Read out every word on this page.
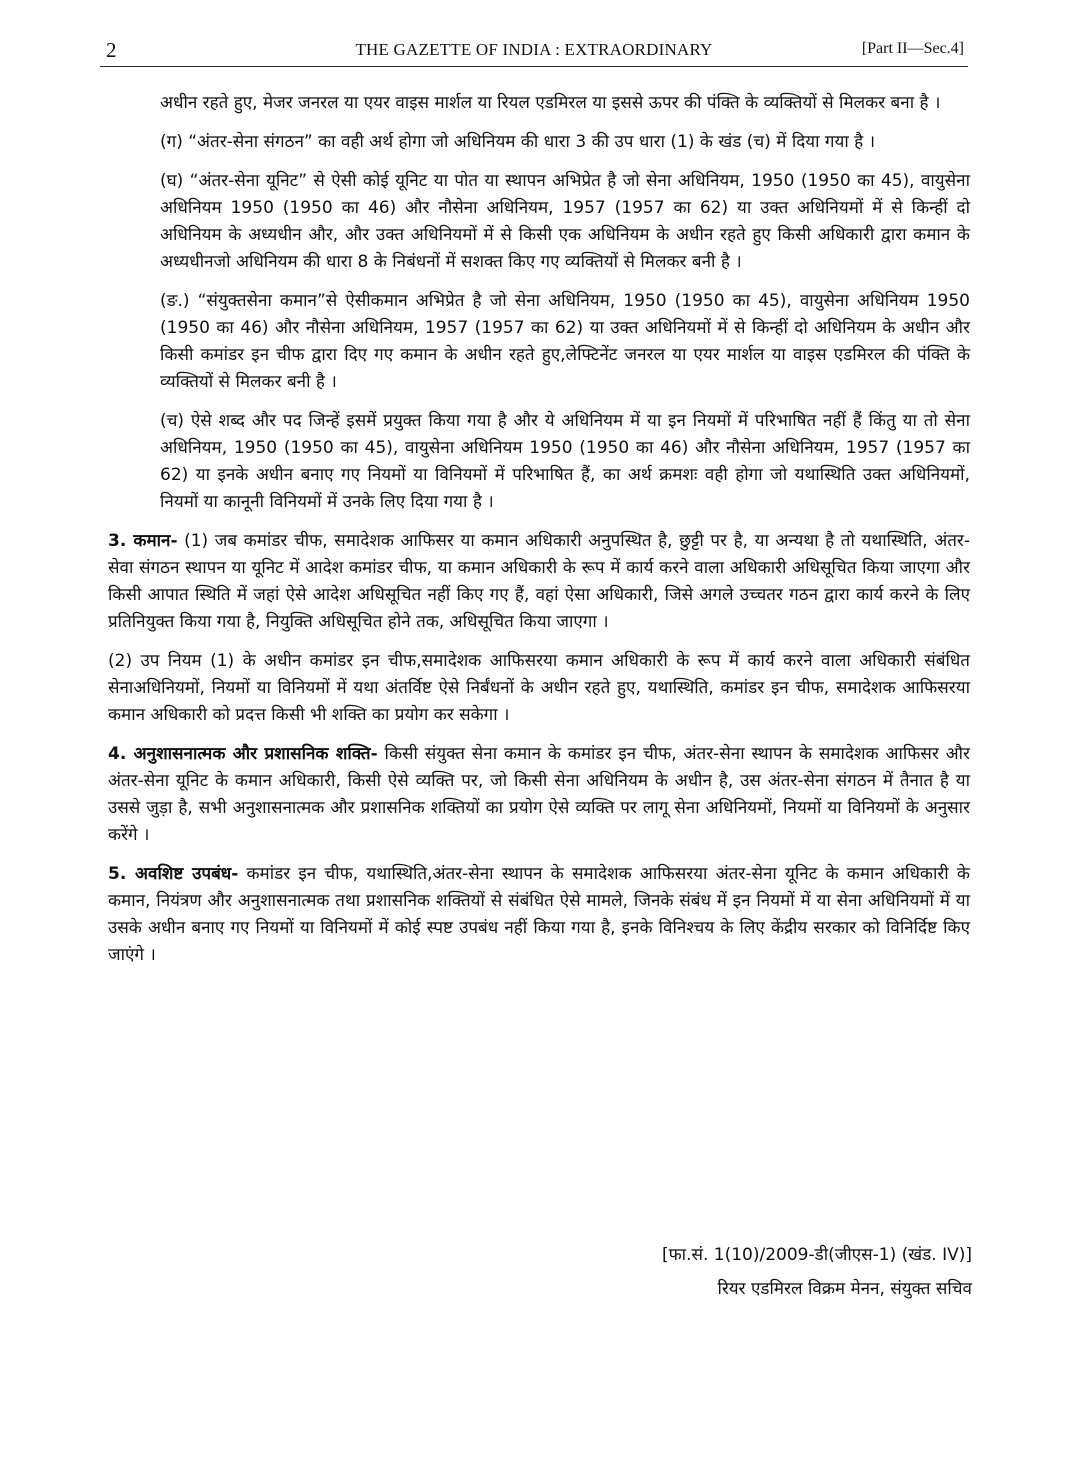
2	THE GAZETTE OF INDIA : EXTRAORDINARY	[Part II—Sec.4]

अधीन रहते हुए, मेजर जनरल या एयर वाइस मार्शल या रियल एडमिरल या इससे ऊपर की पंक्ति के व्यक्तियों से मिलकर बना है ।

(ग) “अंतर-सेना संगठन” का वही अर्थ होगा जो अधिनियम की धारा 3 की उप धारा (1) के खंड (च) में दिया गया है ।

(घ) “अंतर-सेना यूनिट” से ऐसी कोई यूनिट या पोत या स्थापन अभिप्रेत है जो सेना अधिनियम, 1950 (1950 का 45), वायुसेना अधिनियम 1950 (1950 का 46) और नौसेना अधिनियम, 1957 (1957 का 62) या उक्त अधिनियमों में से किन्हीं दो अधिनियम के अध्यधीन और, और उक्त अधिनियमों में से किसी एक अधिनियम के अधीन रहते हुए किसी अधिकारी द्वारा कमान के अध्यधीनजो अधिनियम की धारा 8 के निबंधनों में सशक्त किए गए व्यक्तियों से मिलकर बनी है ।

(ङ.) “संयुक्तसेना कमान”से ऐसीकमान अभिप्रेत है जो सेना अधिनियम, 1950 (1950 का 45), वायुसेना अधिनियम 1950 (1950 का 46) और नौसेना अधिनियम, 1957 (1957 का 62) या उक्त अधिनियमों में से किन्हीं दो अधिनियम के अधीन और किसी कमांडर इन चीफ द्वारा दिए गए कमान के अधीन रहते हुए,लेफ्टिनेंट जनरल या एयर मार्शल या वाइस एडमिरल की पंक्ति के व्यक्तियों से मिलकर बनी है ।

(च) ऐसे शब्द और पद जिन्हें इसमें प्रयुक्त किया गया है और ये अधिनियम में या इन नियमों में परिभाषित नहीं हैं किंतु या तो सेना अधिनियम, 1950 (1950 का 45), वायुसेना अधिनियम 1950 (1950 का 46) और नौसेना अधिनियम, 1957 (1957 का 62) या इनके अधीन बनाए गए नियमों या विनियमों में परिभाषित हैं, का अर्थ क्रमशः वही होगा जो यथास्थिति उक्त अधिनियमों, नियमों या कानूनी विनियमों में उनके लिए दिया गया है ।

3. कमान- (1) जब कमांडर चीफ, समादेशक आफिसर या कमान अधिकारी अनुपस्थित है, छुट्टी पर है, या अन्यथा है तो यथास्थिति, अंतर-सेवा संगठन स्थापन या यूनिट में आदेश कमांडर चीफ, या कमान अधिकारी के रूप में कार्य करने वाला अधिकारी अधिसूचित किया जाएगा और किसी आपात स्थिति में जहां ऐसे आदेश अधिसूचित नहीं किए गए हैं, वहां ऐसा अधिकारी, जिसे अगले उच्चतर गठन द्वारा कार्य करने के लिए प्रतिनियुक्त किया गया है, नियुक्ति अधिसूचित होने तक, अधिसूचित किया जाएगा ।

(2) उप नियम (1) के अधीन कमांडर इन चीफ,समादेशक आफिसरया कमान अधिकारी के रूप में कार्य करने वाला अधिकारी संबंधित सेनाअधिनियमों, नियमों या विनियमों में यथा अंतर्विष्ट ऐसे निर्बंधनों के अधीन रहते हुए, यथास्थिति, कमांडर इन चीफ, समादेशक आफिसरया कमान अधिकारी को प्रदत्त किसी भी शक्ति का प्रयोग कर सकेगा ।

4. अनुशासनात्मक और प्रशासनिक शक्ति- किसी संयुक्त सेना कमान के कमांडर इन चीफ, अंतर-सेना स्थापन के समादेशक आफिसर और अंतर-सेना यूनिट के कमान अधिकारी, किसी ऐसे व्यक्ति पर, जो किसी सेना अधिनियम के अधीन है, उस अंतर-सेना संगठन में तैनात है या उससे जुड़ा है, सभी अनुशासनात्मक और प्रशासनिक शक्तियों का प्रयोग ऐसे व्यक्ति पर लागू सेना अधिनियमों, नियमों या विनियमों के अनुसार करेंगे ।

5. अवशिष्ट उपबंध- कमांडर इन चीफ, यथास्थिति,अंतर-सेना स्थापन के समादेशक आफिसरया अंतर-सेना यूनिट के कमान अधिकारी के कमान, नियंत्रण और अनुशासनात्मक तथा प्रशासनिक शक्तियों से संबंधित ऐसे मामले, जिनके संबंध में इन नियमों में या सेना अधिनियमों में या उसके अधीन बनाए गए नियमों या विनियमों में कोई स्पष्ट उपबंध नहीं किया गया है, इनके विनिश्चय के लिए केंद्रीय सरकार को विनिर्दिष्ट किए जाएंगे ।

[फा.सं. 1(10)/2009-डी(जीएस-1) (खंड. IV)]
रियर एडमिरल विक्रम मेनन, संयुक्त सचिव
